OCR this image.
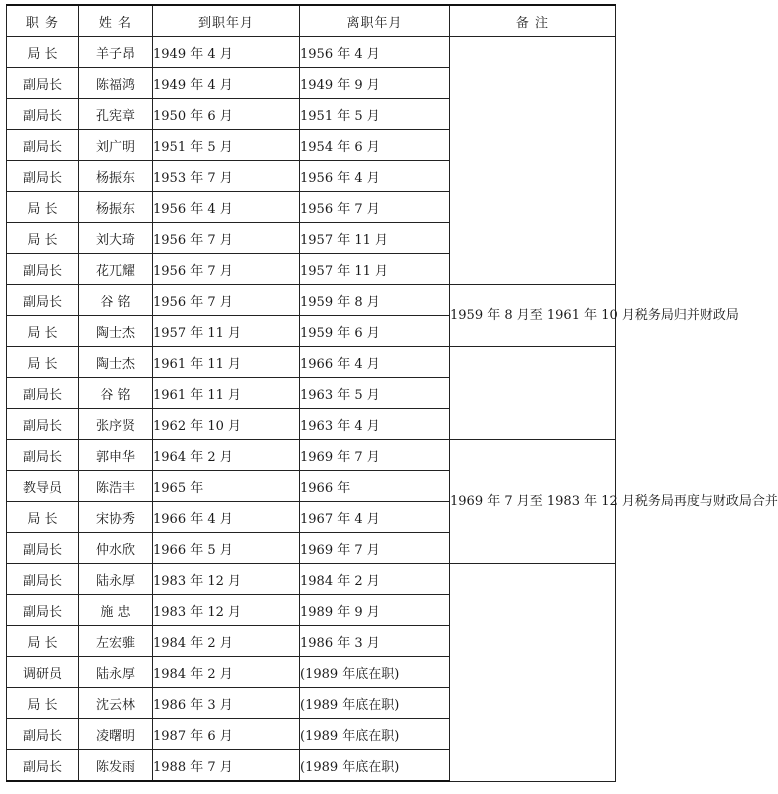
职 务	姓 名	到职年月	离职年月	备 注
局 长	羊子昂	1949 年 4 月	1956 年 4 月	

副局长	陈福鸿	1949 年 4 月	1949 年 9 月	
副局长	孔宪章	1950 年 6 月	1951 年 5 月	
副局长	刘广明	1951 年 5 月	1954 年 6 月	
副局长	杨振东	1953 年 7 月	1956 年 4 月	
局 长	杨振东	1956 年 4 月	1956 年 7 月	
局 长	刘大琦	1956 年 7 月	1957 年 11 月	
副局长	花兀耀	1956 年 7 月	1957 年 11 月	
副局长	谷 铭	1956 年 7 月	1959 年 8 月	1959 年 8 月至 1961 年 10 月税务局归并财政局

局 长	陶士杰	1957 年 11 月	1959 年 6 月	
局 长	陶士杰	1961 年 11 月	1966 年 4 月	

副局长	谷 铭	1961 年 11 月	1963 年 5 月	
副局长	张序贤	1962 年 10 月	1963 年 4 月	
副局长	郭申华	1964 年 2 月	1969 年 7 月	1969 年 7 月至 1983 年 12 月税务局再度与财政局合并

教导员	陈浩丰	1965 年	1966 年	
局 长	宋协秀	1966 年 4 月	1967 年 4 月	
副局长	仲水欣	1966 年 5 月	1969 年 7 月	
副局长	陆永厚	1983 年 12 月	1984 年 2 月	

副局长	施 忠	1983 年 12 月	1989 年 9 月	
局 长	左宏骓	1984 年 2 月	1986 年 3 月	
调研员	陆永厚	1984 年 2 月	(1989 年底在职)	
局 长	沈云林	1986 年 3 月	(1989 年底在职)	
副局长	凌曙明	1987 年 6 月	(1989 年底在职)	
副局长	陈发雨	1988 年 7 月	(1989 年底在职)	
